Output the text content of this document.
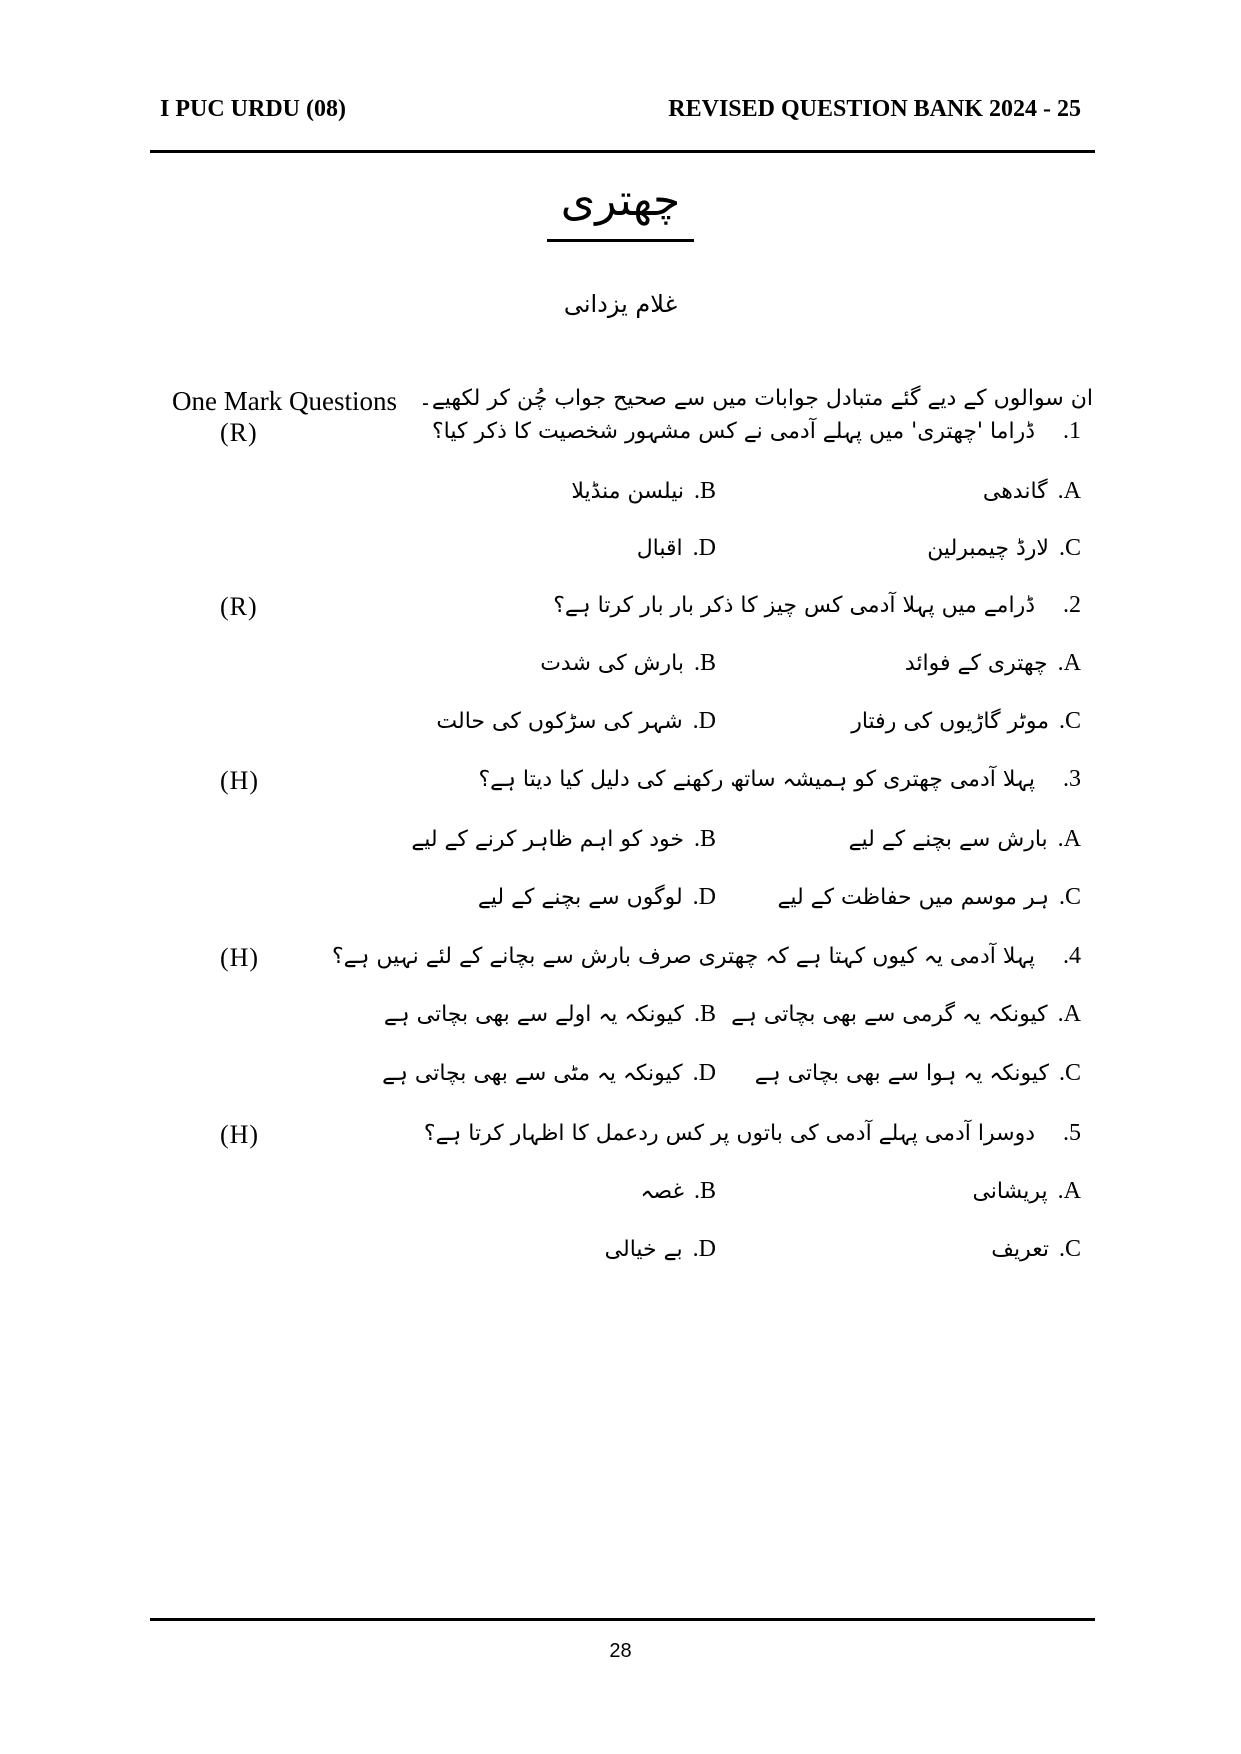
I PUC URDU (08)	REVISED QUESTION BANK 2024 - 25
چھتری
غلام یزدانی
One Mark Questions ان سوالوں کے دیے گئے متبادل جوابات میں سے صحیح جواب چُن کر لکھیے۔
(R)	1.ڈراما 'چھتری' میں پہلے آدمی نے کس مشہور شخصیت کا ذکر کیا؟
A.گاندھی
B.نیلسن منڈیلا
C.لارڈ چیمبرلین
D.اقبال
(R)	2.ڈرامے میں پہلا آدمی کس چیز کا ذکر بار بار کرتا ہے؟
A.چھتری کے فوائد
B.بارش کی شدت
C.موٹر گاڑیوں کی رفتار
D.شہر کی سڑکوں کی حالت
(H)	3.پہلا آدمی چھتری کو ہمیشہ ساتھ رکھنے کی دلیل کیا دیتا ہے؟
A.بارش سے بچنے کے لیے
B.خود کو اہم ظاہر کرنے کے لیے
C.ہر موسم میں حفاظت کے لیے
D.لوگوں سے بچنے کے لیے
(H)	4.پہلا آدمی یہ کیوں کہتا ہے کہ چھتری صرف بارش سے بچانے کے لئے نہیں ہے؟
A.کیونکہ یہ گرمی سے بھی بچاتی ہے
B.کیونکہ یہ اولے سے بھی بچاتی ہے
C.کیونکہ یہ ہوا سے بھی بچاتی ہے
D.کیونکہ یہ مٹی سے بھی بچاتی ہے
(H)	5.دوسرا آدمی پہلے آدمی کی باتوں پر کس ردعمل کا اظہار کرتا ہے؟
A.پریشانی
B.غصہ
C.تعریف
D.بے خیالی
28
